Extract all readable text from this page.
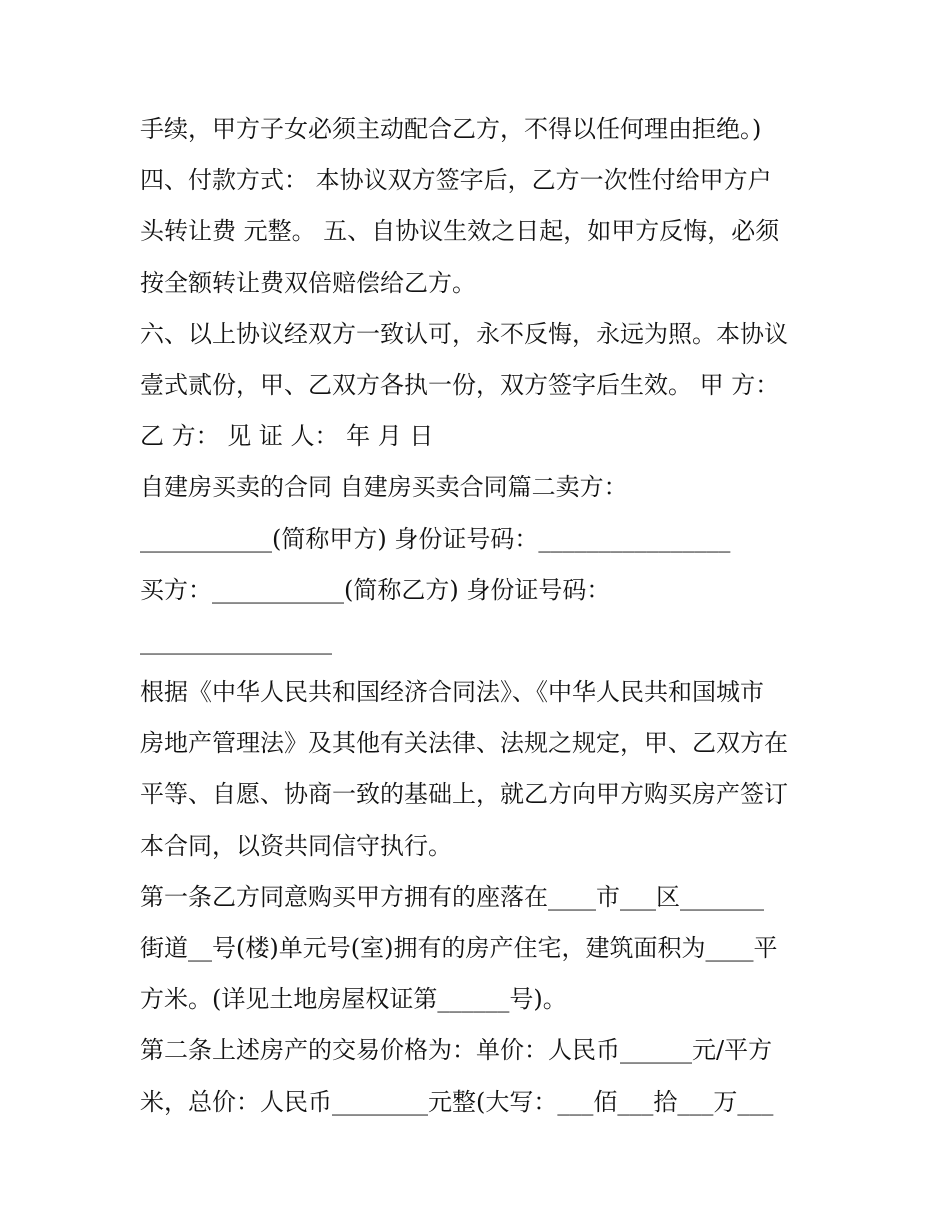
手续，甲方子女必须主动配合乙方，不得以任何理由拒绝。)
四、付款方式： 本协议双方签字后，乙方一次性付给甲方户
头转让费 元整。 五、自协议生效之日起，如甲方反悔，必须
按全额转让费双倍赔偿给乙方。
六、以上协议经双方一致认可，永不反悔，永远为照。本协议
壹式贰份，甲、乙双方各执一份，双方签字后生效。 甲 方：
乙 方： 见 证 人： 年 月 日
自建房买卖的合同 自建房买卖合同篇二卖方：
___________(简称甲方) 身份证号码：________________
买方：___________(简称乙方) 身份证号码：
________________
根据《中华人民共和国经济合同法》、《中华人民共和国城市
房地产管理法》及其他有关法律、法规之规定，甲、乙双方在
平等、自愿、协商一致的基础上，就乙方向甲方购买房产签订
本合同，以资共同信守执行。
第一条乙方同意购买甲方拥有的座落在____市___区_______
街道__号(楼)单元号(室)拥有的房产住宅，建筑面积为____平
方米。(详见土地房屋权证第______号)。
第二条上述房产的交易价格为：单价：人民币______元/平方
米，总价：人民币________元整(大写：___佰___拾___万___
